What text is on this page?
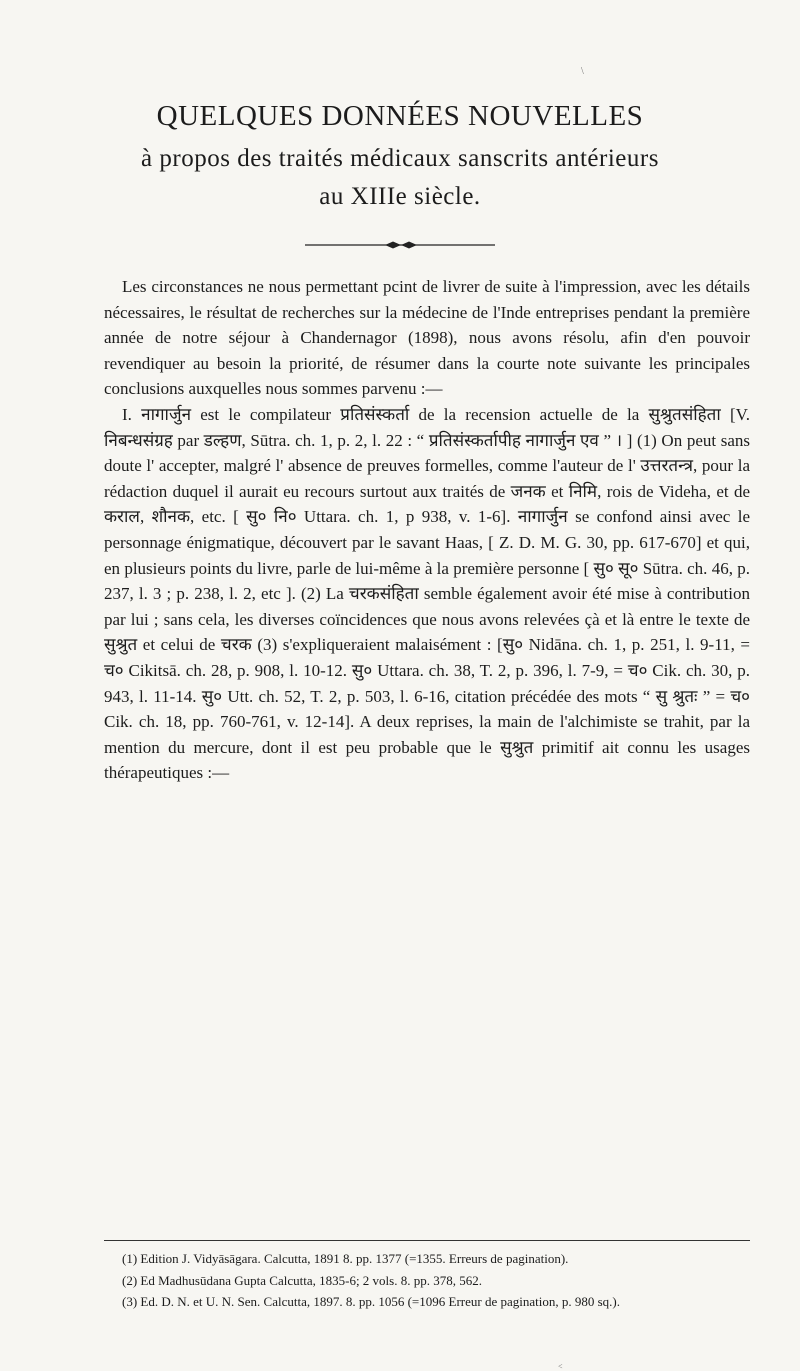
\
QUELQUES DONNÉES NOUVELLES
à propos des traités médicaux sanscrits antérieurs
au XIIIe siècle.

Les circonstances ne nous permettant pcint de livrer de suite à l'impression, avec les détails nécessaires, le résultat de recherches sur la médecine de l'Inde entreprises pendant la première année de notre séjour à Chandernagor (1898), nous avons résolu, afin d'en pouvoir revendiquer au besoin la priorité, de résumer dans la courte note suivante les principales conclusions auxquelles nous sommes parvenu :—

I. नागार्जुन est le compilateur प्रतिसंस्कर्ता de la recension actuelle de la सुश्रुतसंहिता [V. निबन्धसंग्रह par डल्हण, Sūtra. ch. 1, p. 2, l. 22 : “ प्रतिसंस्कर्तापीह नागार्जुन एव ” । ] (1) On peut sans doute l' accepter, malgré l' absence de preuves formelles, comme l'auteur de l' उत्तरतन्त्र, pour la rédaction duquel il aurait eu recours surtout aux traités de जनक et निमि, rois de Videha, et de कराल, शौनक, etc. [ सु० नि० Uttara. ch. 1, p 938, v. 1-6]. नागार्जुन se confond ainsi avec le personnage énigmatique, découvert par le savant Haas, [ Z. D. M. G. 30, pp. 617-670] et qui, en plusieurs points du livre, parle de lui-même à la première personne [ सु० सू० Sūtra. ch. 46, p. 237, l. 3 ; p. 238, l. 2, etc ]. (2) La चरकसंहिता semble également avoir été mise à contribution par lui ; sans cela, les diverses coïncidences que nous avons relevées çà et là entre le texte de सुश्रुत et celui de चरक (3) s'expliqueraient malaisément : [सु० Nidāna. ch. 1, p. 251, l. 9-11, = च० Cikitsā. ch. 28, p. 908, l. 10-12. सु० Uttara. ch. 38, T. 2, p. 396, l. 7-9, = च० Cik. ch. 30, p. 943, l. 11-14. सु० Utt. ch. 52, T. 2, p. 503, l. 6-16, citation précédée des mots “ सु श्रुतः ” = च० Cik. ch. 18, pp. 760-761, v. 12-14]. A deux reprises, la main de l'alchimiste se trahit, par la mention du mercure, dont il est peu probable que le सुश्रुत primitif ait connu les usages thérapeutiques :—

(1) Edition J. Vidyāsāgara. Calcutta, 1891 8. pp. 1377 (=1355. Erreurs de pagination).

(2) Ed Madhusūdana Gupta Calcutta, 1835-6; 2 vols. 8. pp. 378, 562.

(3) Ed. D. N. et U. N. Sen. Calcutta, 1897. 8. pp. 1056 (=1096 Erreur de pagination, p. 980 sq.).

<
